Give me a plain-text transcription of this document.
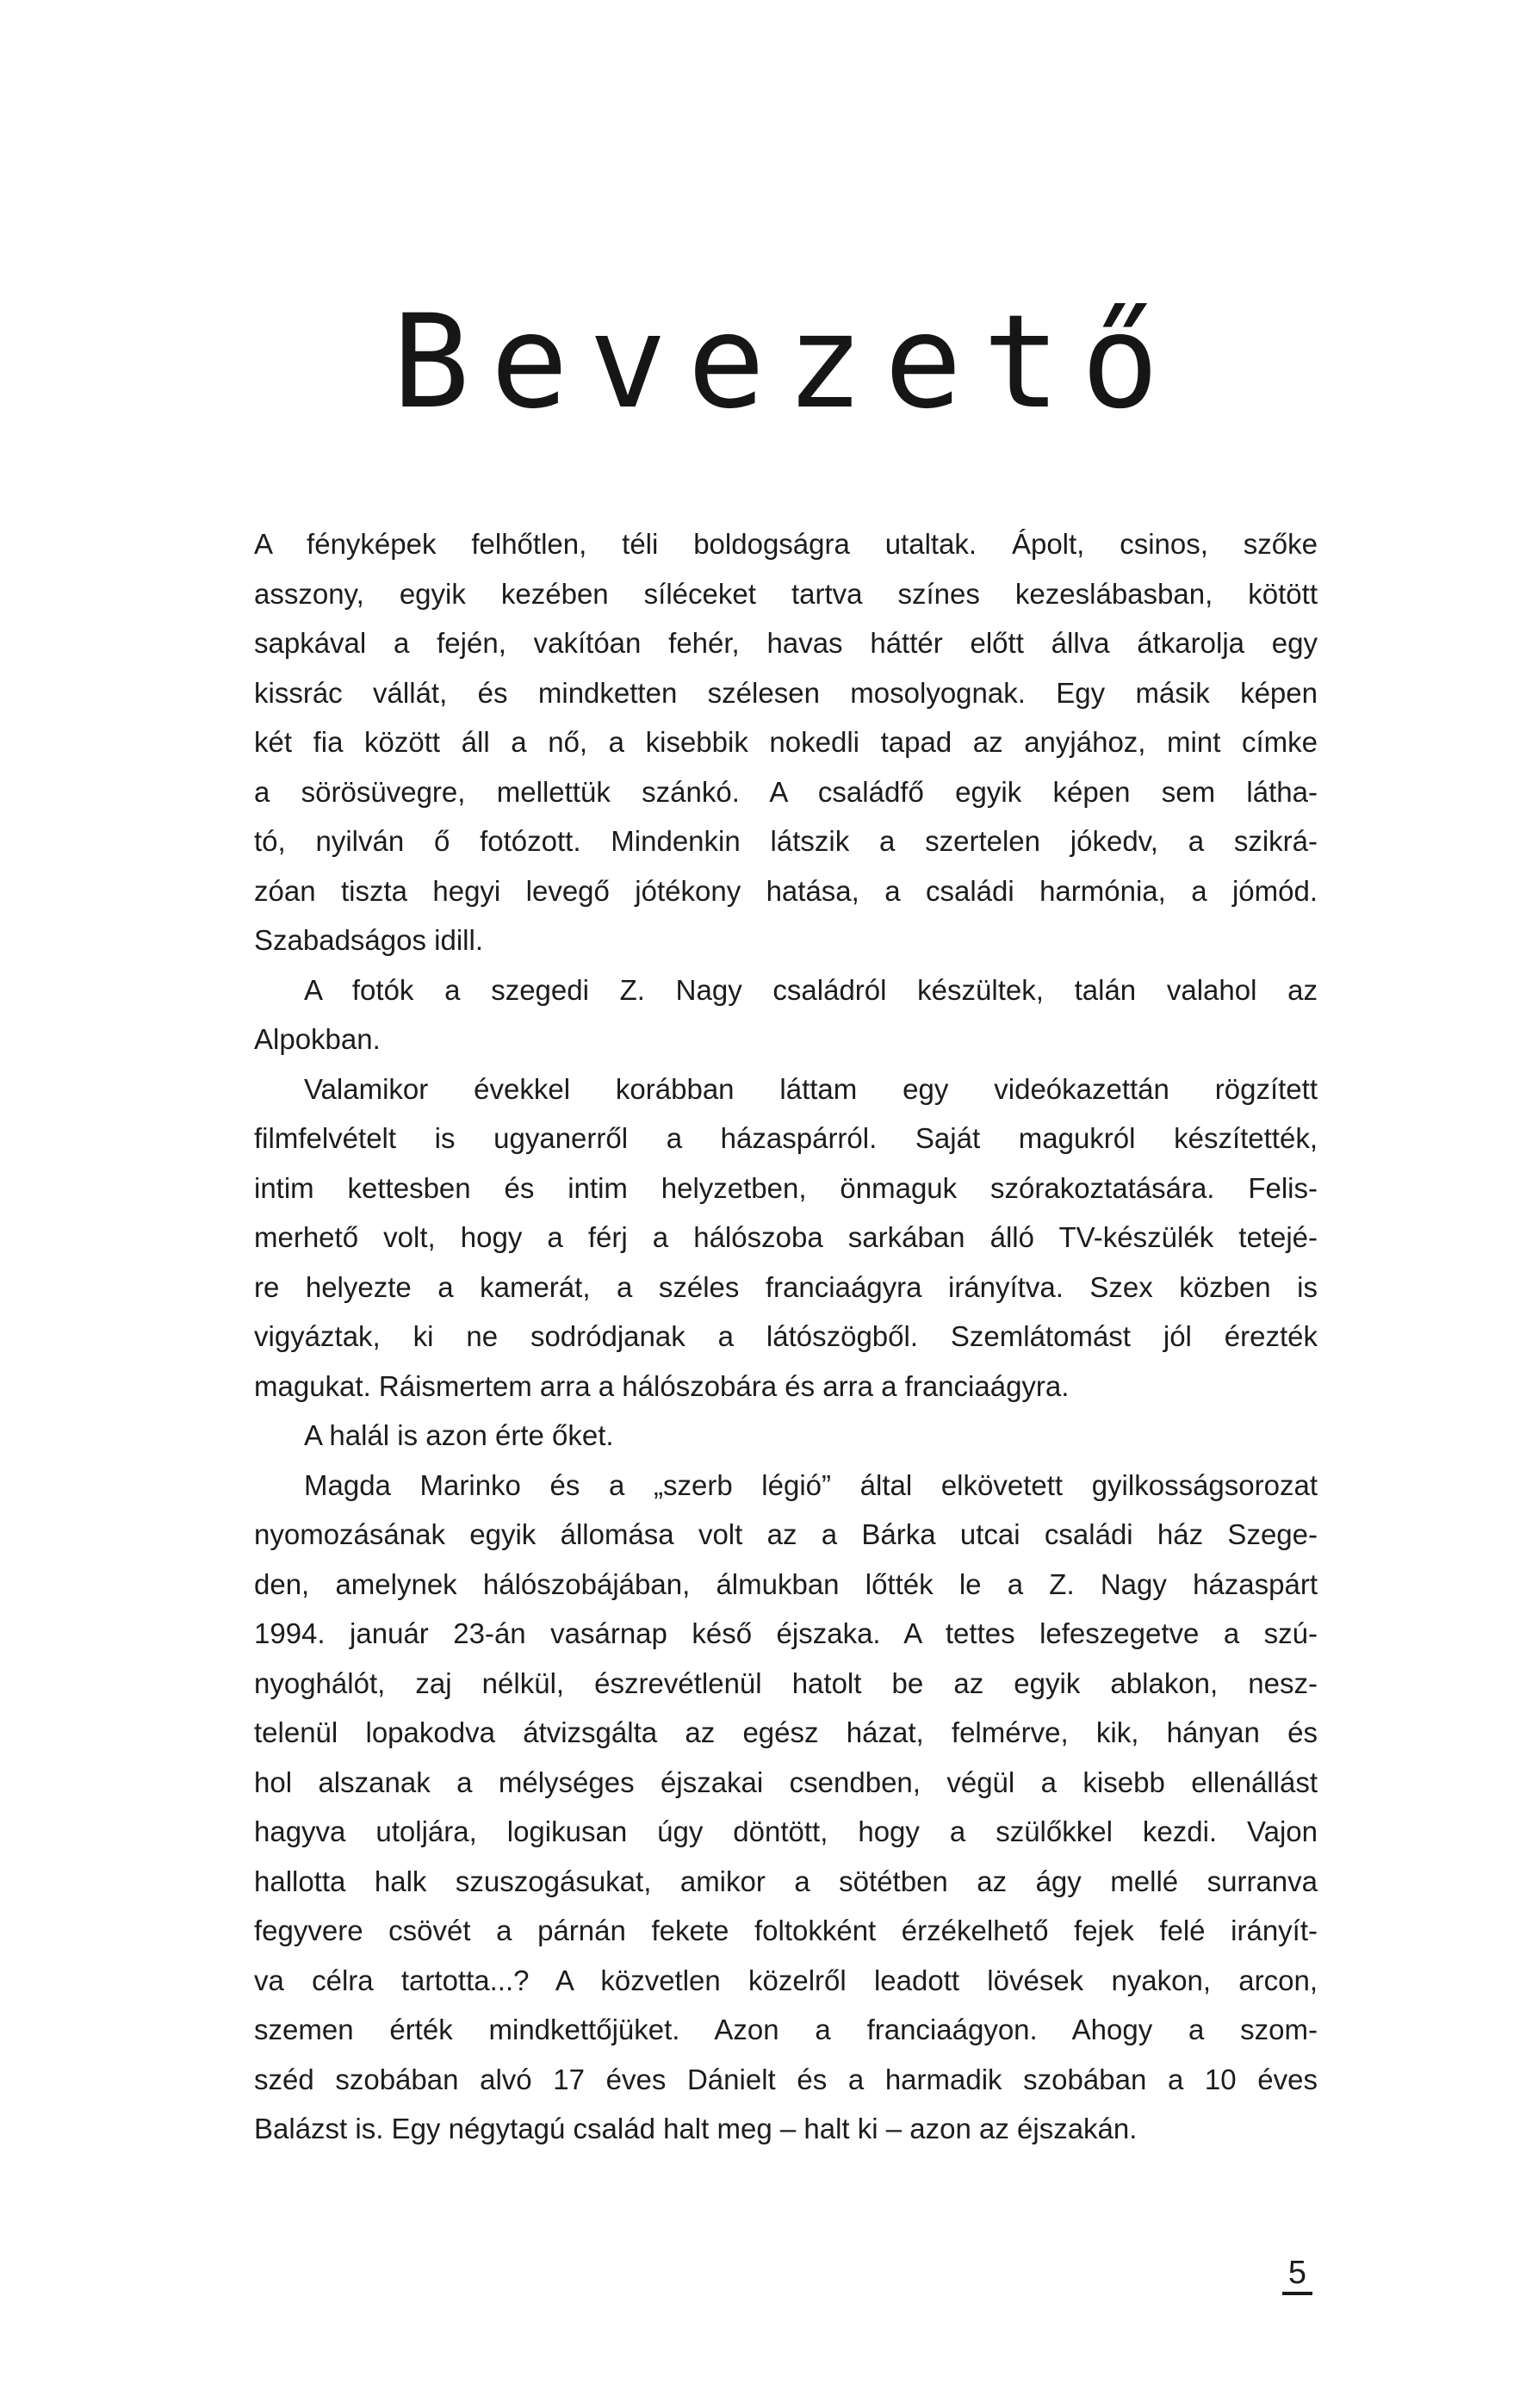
Bevezető
A fényképek felhőtlen, téli boldogságra utaltak. Ápolt, csinos, szőke
asszony, egyik kezében síléceket tartva színes kezeslábasban, kötött
sapkával a fején, vakítóan fehér, havas háttér előtt állva átkarolja egy
kissrác vállát, és mindketten szélesen mosolyognak. Egy másik képen
két fia között áll a nő, a kisebbik nokedli tapad az anyjához, mint címke
a sörösüvegre, mellettük szánkó. A családfő egyik képen sem látha-
tó, nyilván ő fotózott. Mindenkin látszik a szertelen jókedv, a szikrá-
zóan tiszta hegyi levegő jótékony hatása, a családi harmónia, a jómód.
Szabadságos idill.
A fotók a szegedi Z. Nagy családról készültek, talán valahol az
Alpokban.
Valamikor évekkel korábban láttam egy videókazettán rögzített
filmfelvételt is ugyanerről a házaspárról. Saját magukról készítették,
intim kettesben és intim helyzetben, önmaguk szórakoztatására. Felis-
merhető volt, hogy a férj a hálószoba sarkában álló TV-készülék tetejé-
re helyezte a kamerát, a széles franciaágyra irányítva. Szex közben is
vigyáztak, ki ne sodródjanak a látószögből. Szemlátomást jól érezték
magukat. Ráismertem arra a hálószobára és arra a franciaágyra.
A halál is azon érte őket.
Magda Marinko és a „szerb légió” által elkövetett gyilkosságsorozat
nyomozásának egyik állomása volt az a Bárka utcai családi ház Szege-
den, amelynek hálószobájában, álmukban lőtték le a Z. Nagy házaspárt
1994. január 23-án vasárnap késő éjszaka. A tettes lefeszegetve a szú-
nyoghálót, zaj nélkül, észrevétlenül hatolt be az egyik ablakon, nesz-
telenül lopakodva átvizsgálta az egész házat, felmérve, kik, hányan és
hol alszanak a mélységes éjszakai csendben, végül a kisebb ellenállást
hagyva utoljára, logikusan úgy döntött, hogy a szülőkkel kezdi. Vajon
hallotta halk szuszogásukat, amikor a sötétben az ágy mellé surranva
fegyvere csövét a párnán fekete foltokként érzékelhető fejek felé irányít-
va célra tartotta...? A közvetlen közelről leadott lövések nyakon, arcon,
szemen érték mindkettőjüket. Azon a franciaágyon. Ahogy a szom-
széd szobában alvó 17 éves Dánielt és a harmadik szobában a 10 éves
Balázst is. Egy négytagú család halt meg – halt ki – azon az éjszakán.
5
